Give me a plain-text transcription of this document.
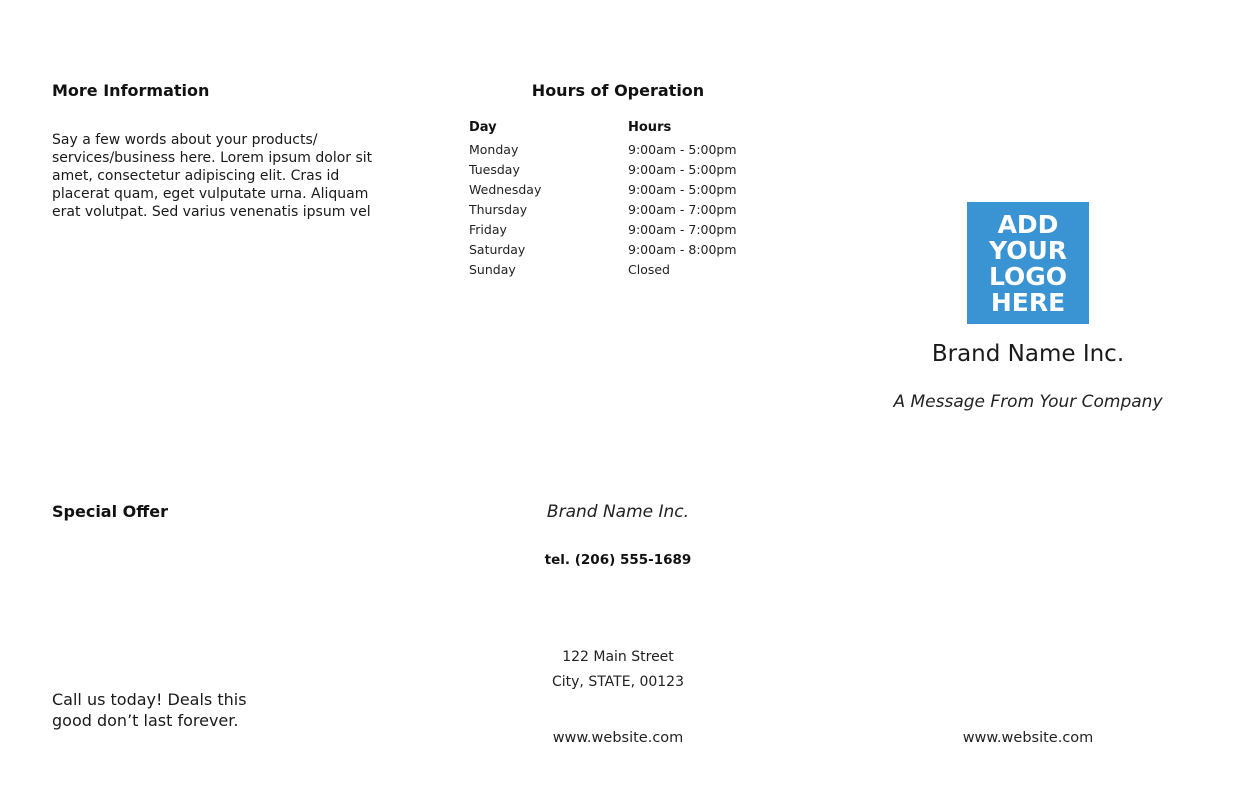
More Information
Say a few words about your products/ services/business here. Lorem ipsum dolor sit amet, consectetur adipiscing elit. Cras id placerat quam, eget vulputate urna. Aliquam erat volutpat. Sed varius venenatis ipsum vel
Special Offer
Call us today! Deals this good don’t last forever.
Hours of Operation
Day	Hours
Monday	9:00am - 5:00pm
Tuesday	9:00am - 5:00pm
Wednesday	9:00am - 5:00pm
Thursday	9:00am - 7:00pm
Friday	9:00am - 7:00pm
Saturday	9:00am - 8:00pm
Sunday	Closed
Brand Name Inc.
tel. (206) 555-1689
122 Main Street
City, STATE, 00123
www.website.com
ADD
YOUR
LOGO
HERE
Brand Name Inc.
A Message From Your Company
www.website.com
